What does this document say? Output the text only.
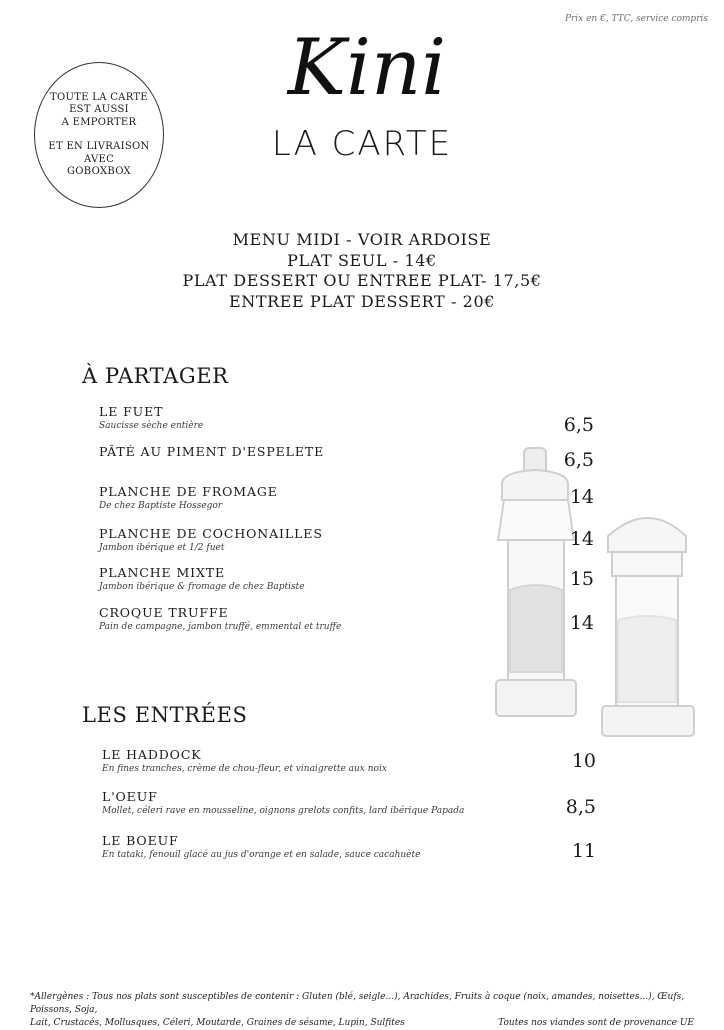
Prix en €, TTC, service compris
TOUTE LA CARTE
EST AUSSI
A EMPORTER
ET EN LIVRAISON
AVEC
GOBOXBOX
Kini
LA CARTE
MENU MIDI - VOIR ARDOISE
PLAT SEUL - 14€
PLAT DESSERT OU ENTREE PLAT- 17,5€
ENTREE PLAT DESSERT - 20€
À PARTAGER
LE FUET
Saucisse sèche entière	6,5
PÂTÉ AU PIMENT D'ESPELETE	6,5
PLANCHE DE FROMAGE
De chez Baptiste Hossegor	14
PLANCHE DE COCHONAILLES
Jambon ibérique et 1/2 fuet	14
PLANCHE MIXTE
Jambon ibérique & fromage de chez Baptiste	15
CROQUE TRUFFE
Pain de campagne, jambon truffé, emmental et truffe	14
LES ENTRÉES
LE HADDOCK
En fines tranches, crème de chou-fleur, et vinaigrette aux noix	10
L'OEUF
Mollet, céleri rave en mousseline, oignons grelots confits, lard ibérique Papada	8,5
LE BOEUF
En tataki, fenouil glacé au jus d'orange et en salade, sauce cacahuète	11
*Allergènes : Tous nos plats sont susceptibles de contenir : Gluten (blé, seigle...), Arachides, Fruits à coque (noix, amandes, noisettes...), Œufs, Poissons, Soja,
Lait, Crustacés, Mollusques, Céleri, Moutarde, Graines de sésame, Lupin, Sulfites	Toutes nos viandes sont de provenance UE
